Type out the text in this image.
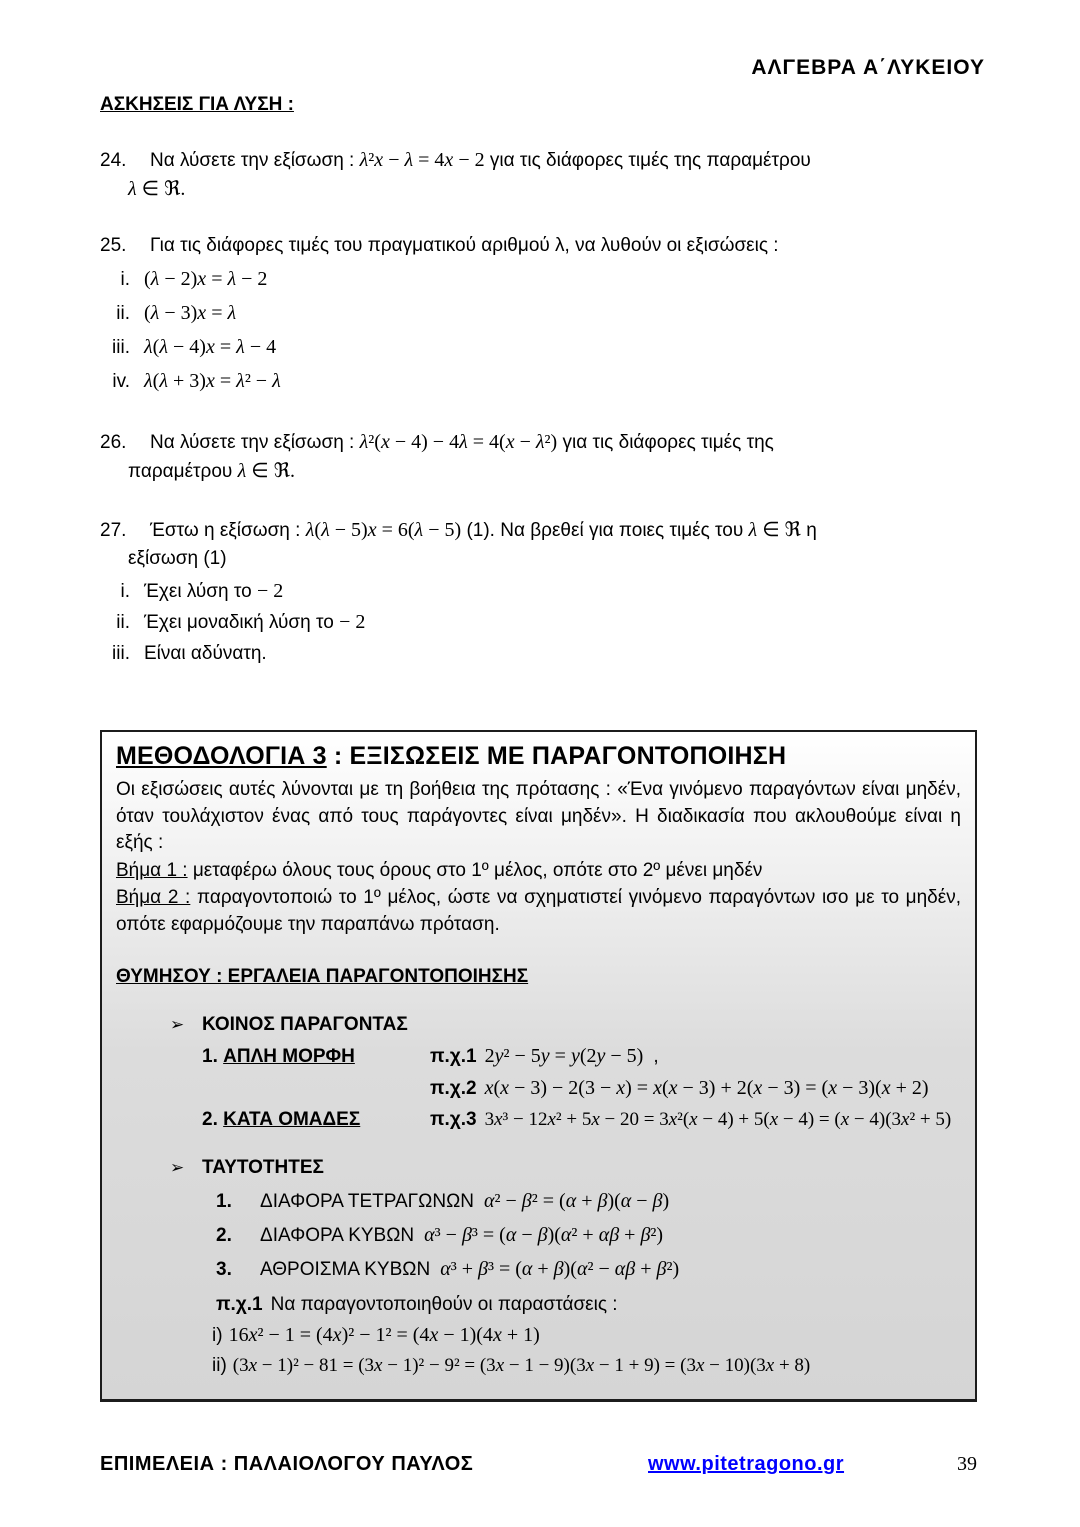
ΑΛΓΕΒΡΑ Α΄ΛΥΚΕΙΟΥ
ΑΣΚΗΣΕΙΣ ΓΙΑ ΛΥΣΗ :
24.	Να λύσετε την εξίσωση : λ²x − λ = 4x − 2 για τις διάφορες τιμές της παραμέτρου
λ ∈ ℜ.
25.	Για τις διάφορες τιμές του πραγματικού αριθμού λ, να λυθούν οι εξισώσεις :
i. (λ − 2)x = λ − 2
ii. (λ − 3)x = λ
iii. λ(λ − 4)x = λ − 4
iv. λ(λ + 3)x = λ² − λ
26.	Να λύσετε την εξίσωση : λ²(x − 4) − 4λ = 4(x − λ²) για τις διάφορες τιμές της
παραμέτρου λ ∈ ℜ.
27.	Έστω η εξίσωση : λ(λ − 5)x = 6(λ − 5) (1). Να βρεθεί για ποιες τιμές του λ ∈ ℜ η
εξίσωση (1)
i. Έχει λύση το − 2
ii. Έχει μοναδική λύση το − 2
iii. Είναι αδύνατη.
ΜΕΘΟΔΟΛΟΓΙΑ 3 : ΕΞΙΣΩΣΕΙΣ ΜΕ ΠΑΡΑΓΟΝΤΟΠΟΙΗΣΗ

Οι εξισώσεις αυτές λύνονται με τη βοήθεια της πρότασης : «Ένα γινόμενο παραγόντων είναι μηδέν, όταν τουλάχιστον ένας από τους παράγοντες είναι μηδέν». Η διαδικασία που ακλουθούμε είναι η εξής :

Βήμα 1 : μεταφέρω όλους τους όρους στο 1º μέλος, οπότε στο 2º μένει μηδέν

Βήμα 2 : παραγοντοποιώ το 1º μέλος, ώστε να σχηματιστεί γινόμενο παραγόντων ισο με το μηδέν, οπότε εφαρμόζουμε την παραπάνω πρόταση.

ΘΥΜΗΣΟΥ : ΕΡΓΑΛΕΙΑ ΠΑΡΑΓΟΝΤΟΠΟΙΗΣΗΣ
➢ ΚΟΙΝΟΣ ΠΑΡΑΓΟΝΤΑΣ
1. ΑΠΛΗ ΜΟΡΦΗ	π.χ.1 2y² − 5y = y(2y − 5) ,
π.χ.2 x(x − 3) − 2(3 − x) = x(x − 3) + 2(x − 3) = (x − 3)(x + 2)
2. ΚΑΤΑ ΟΜΑΔΕΣ	π.χ.3 3x³ − 12x² + 5x − 20 = 3x²(x − 4) + 5(x − 4) = (x − 4)(3x² + 5)
➢ ΤΑΥΤΟΤΗΤΕΣ
1.	ΔΙΑΦΟΡΑ ΤΕΤΡΑΓΩΝΩΝ α² − β² = (α + β)(α − β)
2.	ΔΙΑΦΟΡΑ ΚΥΒΩΝ α³ − β³ = (α − β)(α² + αβ + β²)
3.	ΑΘΡΟΙΣΜΑ ΚΥΒΩΝ α³ + β³ = (α + β)(α² − αβ + β²)
π.χ.1 Να παραγοντοποιηθούν οι παραστάσεις :
i) 16x² − 1 = (4x)² − 1² = (4x − 1)(4x + 1)
ii) (3x − 1)² − 81 = (3x − 1)² − 9² = (3x − 1 − 9)(3x − 1 + 9) = (3x − 10)(3x + 8)
ΕΠΙΜΕΛΕΙΑ : ΠΑΛΑΙΟΛΟΓΟΥ ΠΑΥΛΟΣ	www.pitetragono.gr	39
